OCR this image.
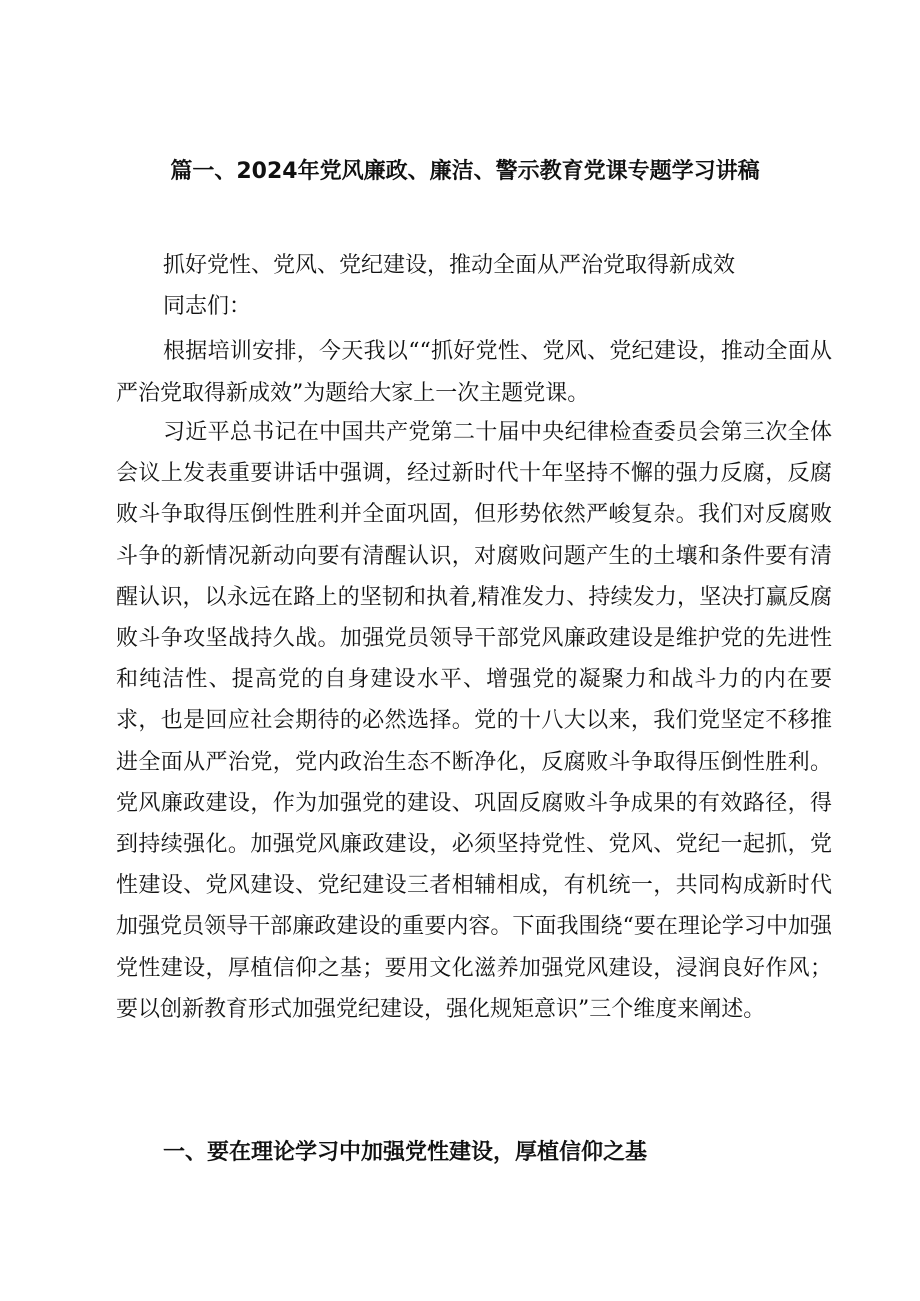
篇一、2024年党风廉政、廉洁、警示教育党课专题学习讲稿

抓好党性、党风、党纪建设，推动全面从严治党取得新成效

同志们：

根据培训安排，今天我以““抓好党性、党风、党纪建设，推动全面从严治党取得新成效”为题给大家上一次主题党课。

习近平总书记在中国共产党第二十届中央纪律检查委员会第三次全体会议上发表重要讲话中强调，经过新时代十年坚持不懈的强力反腐，反腐败斗争取得压倒性胜利并全面巩固，但形势依然严峻复杂。我们对反腐败斗争的新情况新动向要有清醒认识，对腐败问题产生的土壤和条件要有清醒认识，以永远在路上的坚韧和执着,精准发力、持续发力，坚决打赢反腐败斗争攻坚战持久战。加强党员领导干部党风廉政建设是维护党的先进性和纯洁性、提高党的自身建设水平、增强党的凝聚力和战斗力的内在要求，也是回应社会期待的必然选择。党的十八大以来，我们党坚定不移推进全面从严治党，党内政治生态不断净化，反腐败斗争取得压倒性胜利。党风廉政建设，作为加强党的建设、巩固反腐败斗争成果的有效路径，得到持续强化。加强党风廉政建设，必须坚持党性、党风、党纪一起抓，党性建设、党风建设、党纪建设三者相辅相成，有机统一，共同构成新时代加强党员领导干部廉政建设的重要内容。下面我围绕“要在理论学习中加强党性建设，厚植信仰之基；要用文化滋养加强党风建设，浸润良好作风；要以创新教育形式加强党纪建设，强化规矩意识”三个维度来阐述。

一、要在理论学习中加强党性建设，厚植信仰之基
